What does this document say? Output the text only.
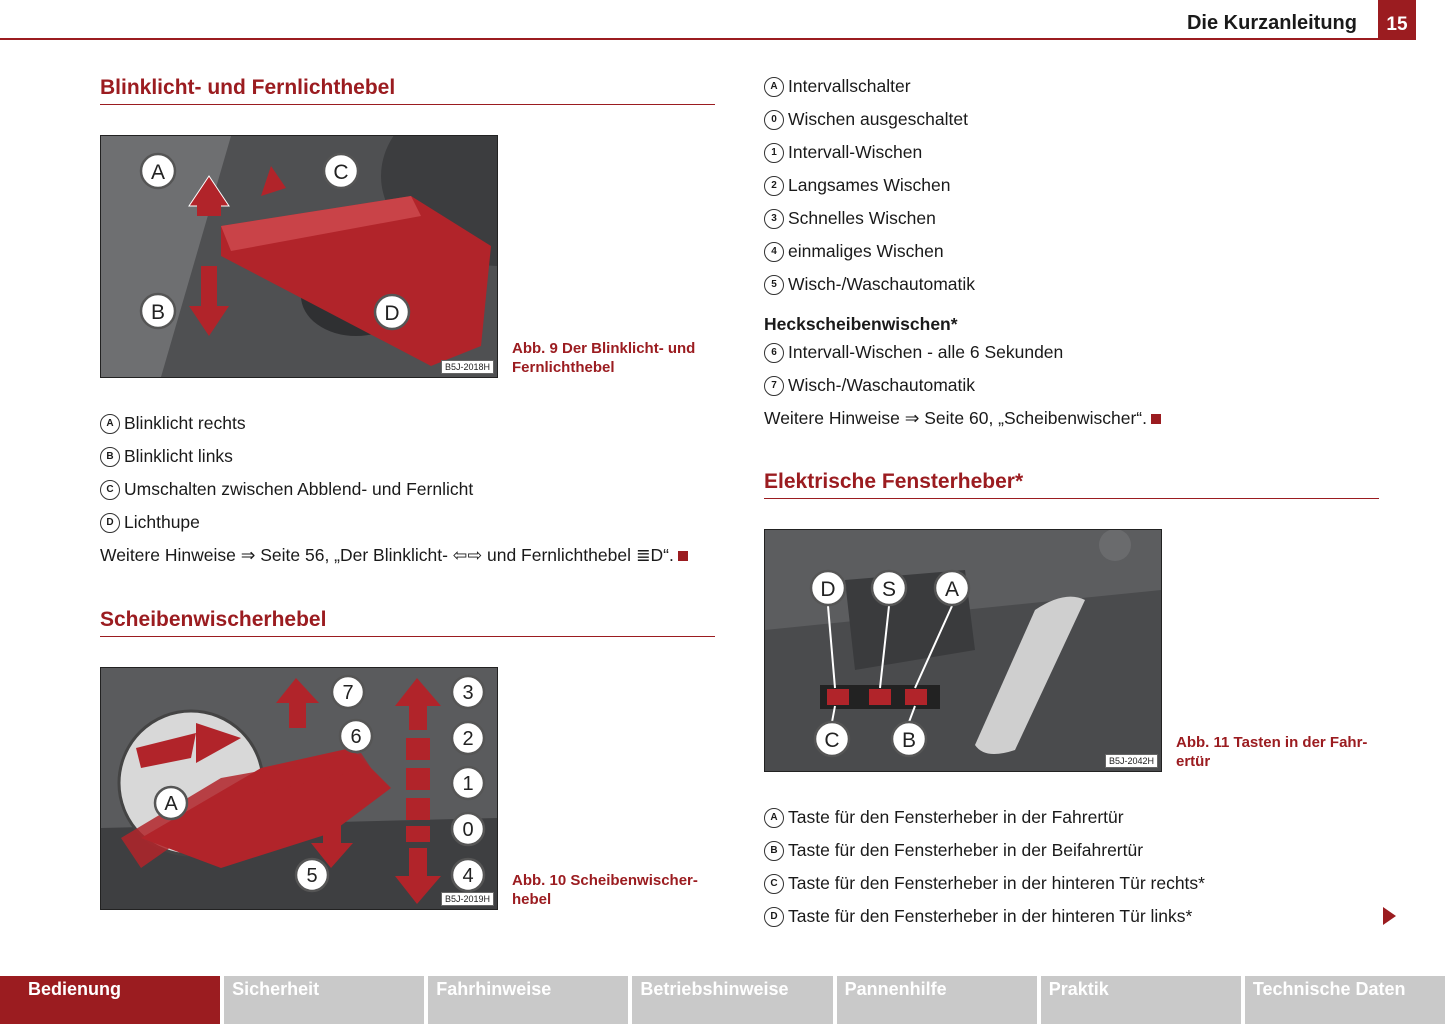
Die Kurzanleitung	15
Blinklicht- und Fernlichthebel
A
B
C
D
B5J-2018H
Abb. 9 Der Blinklicht- und Fernlichthebel
A Blinklicht rechts
B Blinklicht links
C Umschalten zwischen Abblend- und Fernlicht
D Lichthupe
Weitere Hinweise ⇒ Seite 56, „Der Blinklicht- ⇦⇨ und Fernlichthebel ≣D“.
Scheibenwischerhebel
7
6
3
2
1
0
4
5
A
B5J-2019H
Abb. 10 Scheibenwischer-hebel
A Intervallschalter
0 Wischen ausgeschaltet
1 Intervall-Wischen
2 Langsames Wischen
3 Schnelles Wischen
4 einmaliges Wischen
5 Wisch-/Waschautomatik
Heckscheibenwischen*
6 Intervall-Wischen - alle 6 Sekunden
7 Wisch-/Waschautomatik
Weitere Hinweise ⇒ Seite 60, „Scheibenwischer“.
Elektrische Fensterheber*
D S A
C	B
B5J-2042H
Abb. 11 Tasten in der Fahr-ertür
A Taste für den Fensterheber in der Fahrertür
B Taste für den Fensterheber in der Beifahrertür
C Taste für den Fensterheber in der hinteren Tür rechts*
D Taste für den Fensterheber in der hinteren Tür links*
Bedienung	Sicherheit	Fahrhinweise	Betriebshinweise	Pannenhilfe	Praktik	Technische Daten
